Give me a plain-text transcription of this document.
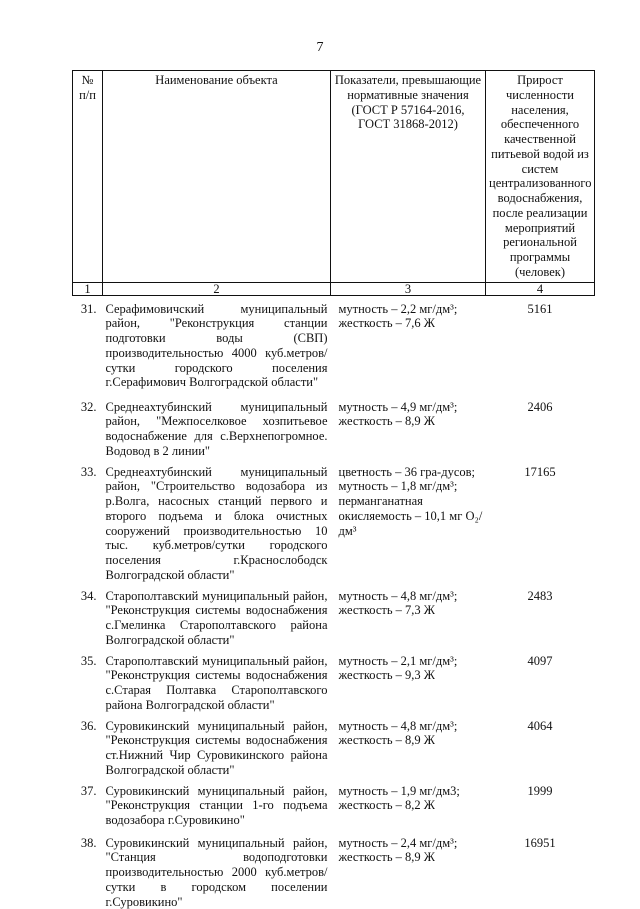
7
№ п/п	Наименование объекта	Показатели, превышающие нормативные значения (ГОСТ Р 57164-2016, ГОСТ 31868-2012)	Прирост численности населения, обеспеченного качественной питьевой водой из систем централизованного водоснабжения, после реализации мероприятий региональной программы (человек)
1	2	3	4
31.	Серафимовичский муниципальный район, "Реконструкция станции подготовки воды (СВП) производительностью 4000 куб.метров/сутки городского поселения г.Серафимович Волгоградской области"	мутность – 2,2 мг/дм³; жесткость – 7,6 Ж	5161
32.	Среднеахтубинский муниципальный район, "Межпоселковое хозпитьевое водоснабжение для с.Верхнепогромное. Водовод в 2 линии"	мутность – 4,9 мг/дм³; жесткость – 8,9 Ж	2406
33.	Среднеахтубинский муниципальный район, "Строительство водозабора из р.Волга, насосных станций первого и второго подъема и блока очистных сооружений производительностью 10 тыс. куб.метров/сутки городского поселения г.Краснослободск Волгоградской области"	цветность – 36 гра-дусов; мутность – 1,8 мг/дм³; перманганатная окисляемость – 10,1 мг O₂/дм³	17165
34.	Старополтавский муниципальный район, "Реконструкция системы водоснабжения с.Гмелинка Старополтавского района Волгоградской области"	мутность – 4,8 мг/дм³; жесткость – 7,3 Ж	2483
35.	Старополтавский муниципальный район, "Реконструкция системы водоснабжения с.Старая Полтавка Старополтавского района Волгоградской области"	мутность – 2,1 мг/дм³; жесткость – 9,3 Ж	4097
36.	Суровикинский муниципальный район, "Реконструкция системы водоснабжения ст.Нижний Чир Суровикинского района Волгоградской области"	мутность – 4,8 мг/дм³; жесткость – 8,9 Ж	4064
37.	Суровикинский муниципальный район, "Реконструкция станции 1-го подъема водозабора г.Суровикино"	мутность – 1,9 мг/дм3; жесткость – 8,2 Ж	1999
38.	Суровикинский муниципальный район, "Станция водоподготовки производительностью 2000 куб.метров/сутки в городском поселении г.Суровикино"	мутность – 2,4 мг/дм³; жесткость – 8,9 Ж	16951
